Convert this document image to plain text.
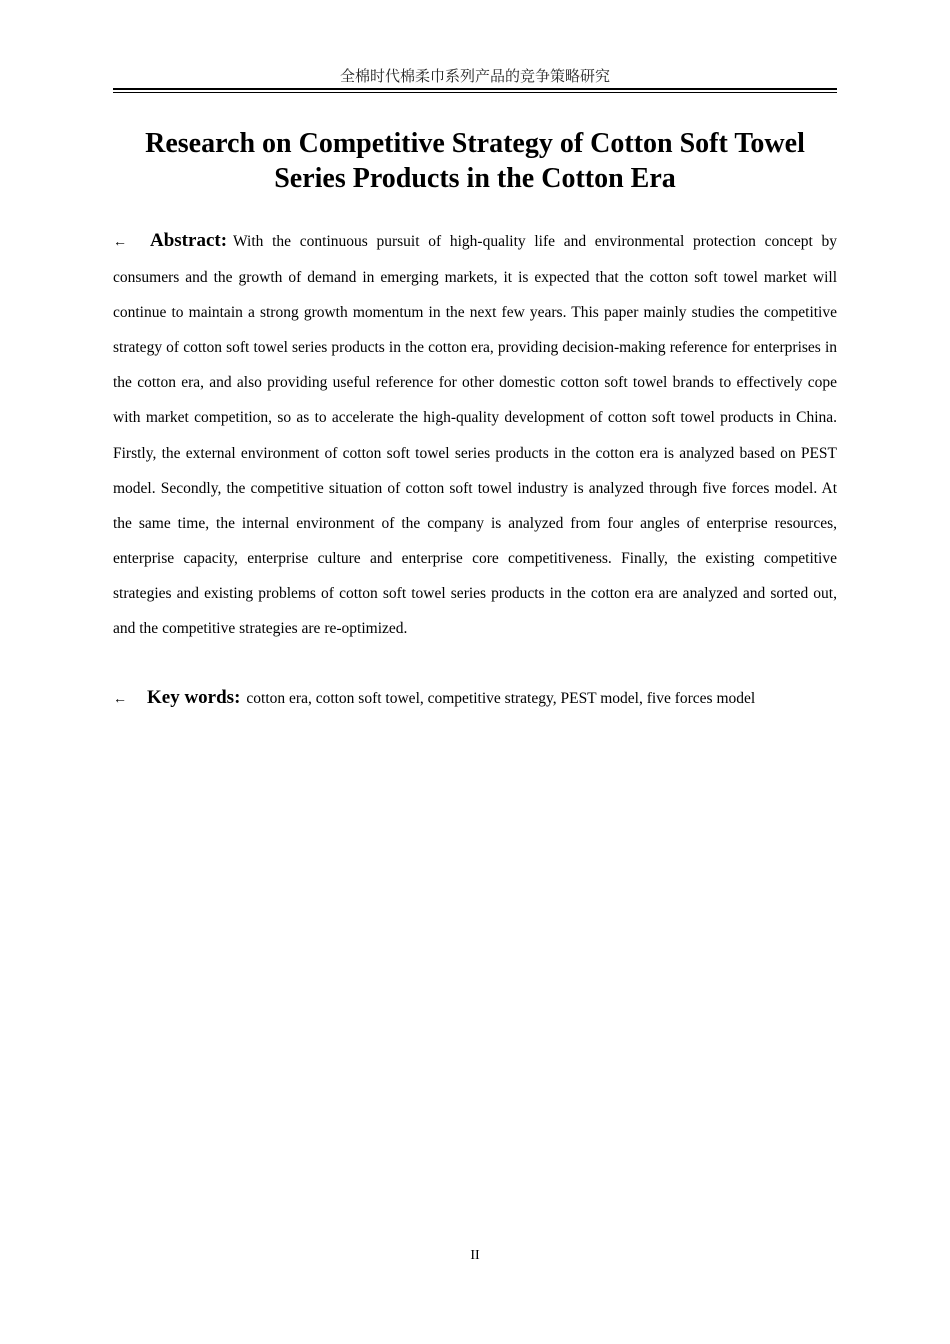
全棉时代棉柔巾系列产品的竞争策略研究
Research on Competitive Strategy of Cotton Soft Towel
Series Products in the Cotton Era

← Abstract: With the continuous pursuit of high-quality life and environmental protection concept by consumers and the growth of demand in emerging markets, it is expected that the cotton soft towel market will continue to maintain a strong growth momentum in the next few years. This paper mainly studies the competitive strategy of cotton soft towel series products in the cotton era, providing decision-making reference for enterprises in the cotton era, and also providing useful reference for other domestic cotton soft towel brands to effectively cope with market competition, so as to accelerate the high-quality development of cotton soft towel products in China. Firstly, the external environment of cotton soft towel series products in the cotton era is analyzed based on PEST model. Secondly, the competitive situation of cotton soft towel industry is analyzed through five forces model. At the same time, the internal environment of the company is analyzed from four angles of enterprise resources, enterprise capacity, enterprise culture and enterprise core competitiveness. Finally, the existing competitive strategies and existing problems of cotton soft towel series products in the cotton era are analyzed and sorted out, and the competitive strategies are re-optimized.

← Key words: cotton era, cotton soft towel, competitive strategy, PEST model, five forces model

II
